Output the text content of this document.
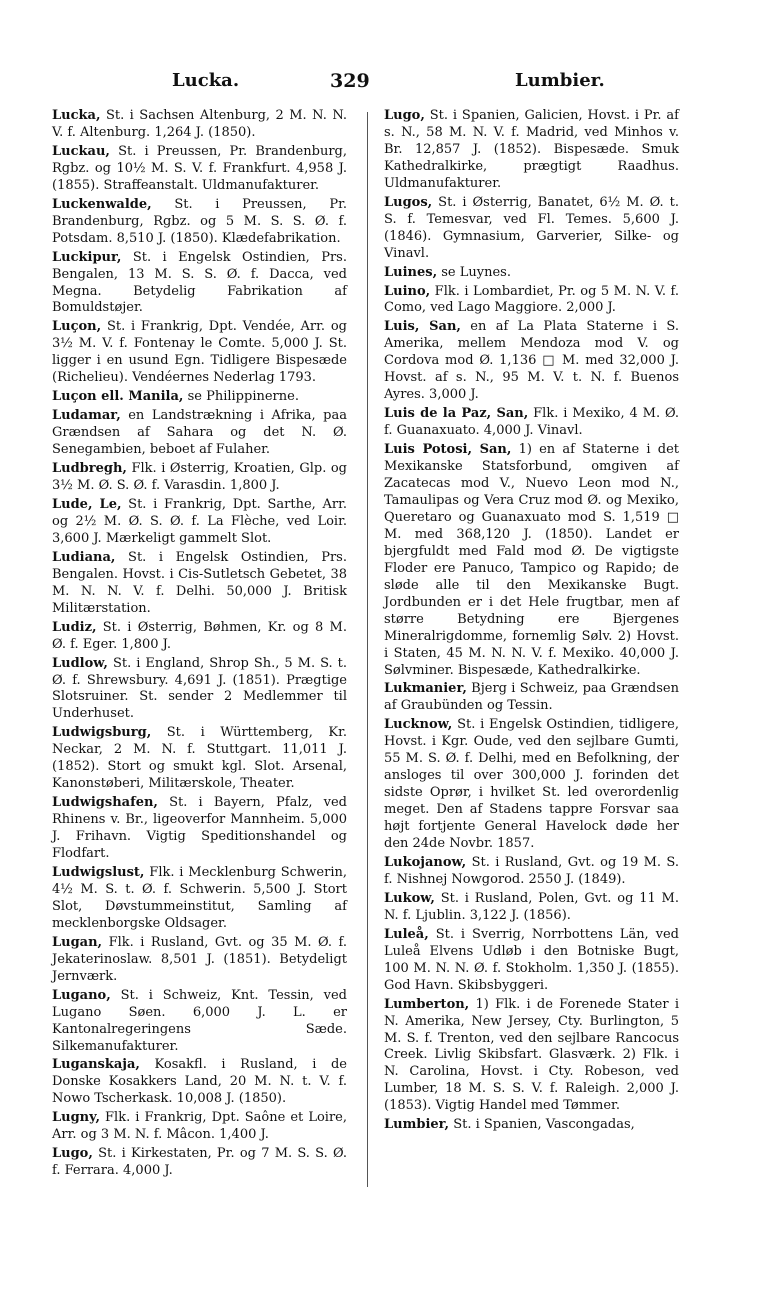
Lucka.	329	Lumbier.
Lucka, St. i Sachsen Altenburg, 2 M. N. N. V. f. Altenburg. 1,264 J. (1850).
Luckau, St. i Preussen, Pr. Brandenburg, Rgbz. og 10½ M. S. V. f. Frankfurt. 4,958 J. (1855). Straffeanstalt. Uldmanufakturer.
Luckenwalde, St. i Preussen, Pr. Brandenburg, Rgbz. og 5 M. S. S. Ø. f. Potsdam. 8,510 J. (1850). Klædefabrikation.
Luckipur, St. i Engelsk Ostindien, Prs. Bengalen, 13 M. S. S. Ø. f. Dacca, ved Megna. Betydelig Fabrikation af Bomuldstøjer.
Luçon, St. i Frankrig, Dpt. Vendée, Arr. og 3½ M. V. f. Fontenay le Comte. 5,000 J. St. ligger i en usund Egn. Tidligere Bispesæde (Richelieu). Vendéernes Nederlag 1793.
Luçon ell. Manila, se Philippinerne.
Ludamar, en Landstrækning i Afrika, paa Grændsen af Sahara og det N. Ø. Senegambien, beboet af Fulaher.
Ludbregh, Flk. i Østerrig, Kroatien, Glp. og 3½ M. Ø. S. Ø. f. Varasdin. 1,800 J.
Lude, Le, St. i Frankrig, Dpt. Sarthe, Arr. og 2½ M. Ø. S. Ø. f. La Flèche, ved Loir. 3,600 J. Mærkeligt gammelt Slot.
Ludiana, St. i Engelsk Ostindien, Prs. Bengalen. Hovst. i Cis-Sutletsch Gebetet, 38 M. N. N. V. f. Delhi. 50,000 J. Britisk Militærstation.
Ludiz, St. i Østerrig, Bøhmen, Kr. og 8 M. Ø. f. Eger. 1,800 J.
Ludlow, St. i England, Shrop Sh., 5 M. S. t. Ø. f. Shrewsbury. 4,691 J. (1851). Prægtige Slotsruiner. St. sender 2 Medlemmer til Underhuset.
Ludwigsburg, St. i Württemberg, Kr. Neckar, 2 M. N. f. Stuttgart. 11,011 J. (1852). Stort og smukt kgl. Slot. Arsenal, Kanonstøberi, Militærskole, Theater.
Ludwigshafen, St. i Bayern, Pfalz, ved Rhinens v. Br., ligeoverfor Mannheim. 5,000 J. Frihavn. Vigtig Speditionshandel og Flodfart.
Ludwigslust, Flk. i Mecklenburg Schwerin, 4½ M. S. t. Ø. f. Schwerin. 5,500 J. Stort Slot, Døvstummeinstitut, Samling af mecklenborgske Oldsager.
Lugan, Flk. i Rusland, Gvt. og 35 M. Ø. f. Jekaterinoslaw. 8,501 J. (1851). Betydeligt Jernværk.
Lugano, St. i Schweiz, Knt. Tessin, ved Lugano Søen. 6,000 J. L. er Kantonalregeringens Sæde. Silkemanufakturer.
Luganskaja, Kosakfl. i Rusland, i de Donske Kosakkers Land, 20 M. N. t. V. f. Nowo Tscherkask. 10,008 J. (1850).
Lugny, Flk. i Frankrig, Dpt. Saône et Loire, Arr. og 3 M. N. f. Mâcon. 1,400 J.
Lugo, St. i Kirkestaten, Pr. og 7 M. S. S. Ø. f. Ferrara. 4,000 J.
Lugo, St. i Spanien, Galicien, Hovst. i Pr. af s. N., 58 M. N. V. f. Madrid, ved Minhos v. Br. 12,857 J. (1852). Bispesæde. Smuk Kathedralkirke, prægtigt Raadhus. Uldmanufakturer.
Lugos, St. i Østerrig, Banatet, 6½ M. Ø. t. S. f. Temesvar, ved Fl. Temes. 5,600 J. (1846). Gymnasium, Garverier, Silke- og Vinavl.
Luines, se Luynes.
Luino, Flk. i Lombardiet, Pr. og 5 M. N. V. f. Como, ved Lago Maggiore. 2,000 J.
Luis, San, en af La Plata Staterne i S. Amerika, mellem Mendoza mod V. og Cordova mod Ø. 1,136 □ M. med 32,000 J. Hovst. af s. N., 95 M. V. t. N. f. Buenos Ayres. 3,000 J.
Luis de la Paz, San, Flk. i Mexiko, 4 M. Ø. f. Guanaxuato. 4,000 J. Vinavl.
Luis Potosi, San, 1) en af Staterne i det Mexikanske Statsforbund, omgiven af Zacatecas mod V., Nuevo Leon mod N., Tamaulipas og Vera Cruz mod Ø. og Mexiko, Queretaro og Guanaxuato mod S. 1,519 □ M. med 368,120 J. (1850). Landet er bjergfuldt med Fald mod Ø. De vigtigste Floder ere Panuco, Tampico og Rapido; de sløde alle til den Mexikanske Bugt. Jordbunden er i det Hele frugtbar, men af større Betydning ere Bjergenes Mineralrigdomme, fornemlig Sølv. 2) Hovst. i Staten, 45 M. N. N. V. f. Mexiko. 40,000 J. Sølvminer. Bispesæde, Kathedralkirke.
Lukmanier, Bjerg i Schweiz, paa Grændsen af Graubünden og Tessin.
Lucknow, St. i Engelsk Ostindien, tidligere, Hovst. i Kgr. Oude, ved den sejlbare Gumti, 55 M. S. Ø. f. Delhi, med en Befolkning, der ansloges til over 300,000 J. forinden det sidste Oprør, i hvilket St. led overordenlig meget. Den af Stadens tappre Forsvar saa højt fortjente General Havelock døde her den 24de Novbr. 1857.
Lukojanow, St. i Rusland, Gvt. og 19 M. S. f. Nishnej Nowgorod. 2550 J. (1849).
Lukow, St. i Rusland, Polen, Gvt. og 11 M. N. f. Ljublin. 3,122 J. (1856).
Luleå, St. i Sverrig, Norrbottens Län, ved Luleå Elvens Udløb i den Botniske Bugt, 100 M. N. N. Ø. f. Stokholm. 1,350 J. (1855). God Havn. Skibsbyggeri.
Lumberton, 1) Flk. i de Forenede Stater i N. Amerika, New Jersey, Cty. Burlington, 5 M. S. f. Trenton, ved den sejlbare Rancocus Creek. Livlig Skibsfart. Glasværk. 2) Flk. i N. Carolina, Hovst. i Cty. Robeson, ved Lumber, 18 M. S. S. V. f. Raleigh. 2,000 J. (1853). Vigtig Handel med Tømmer.
Lumbier, St. i Spanien, Vascongadas,
